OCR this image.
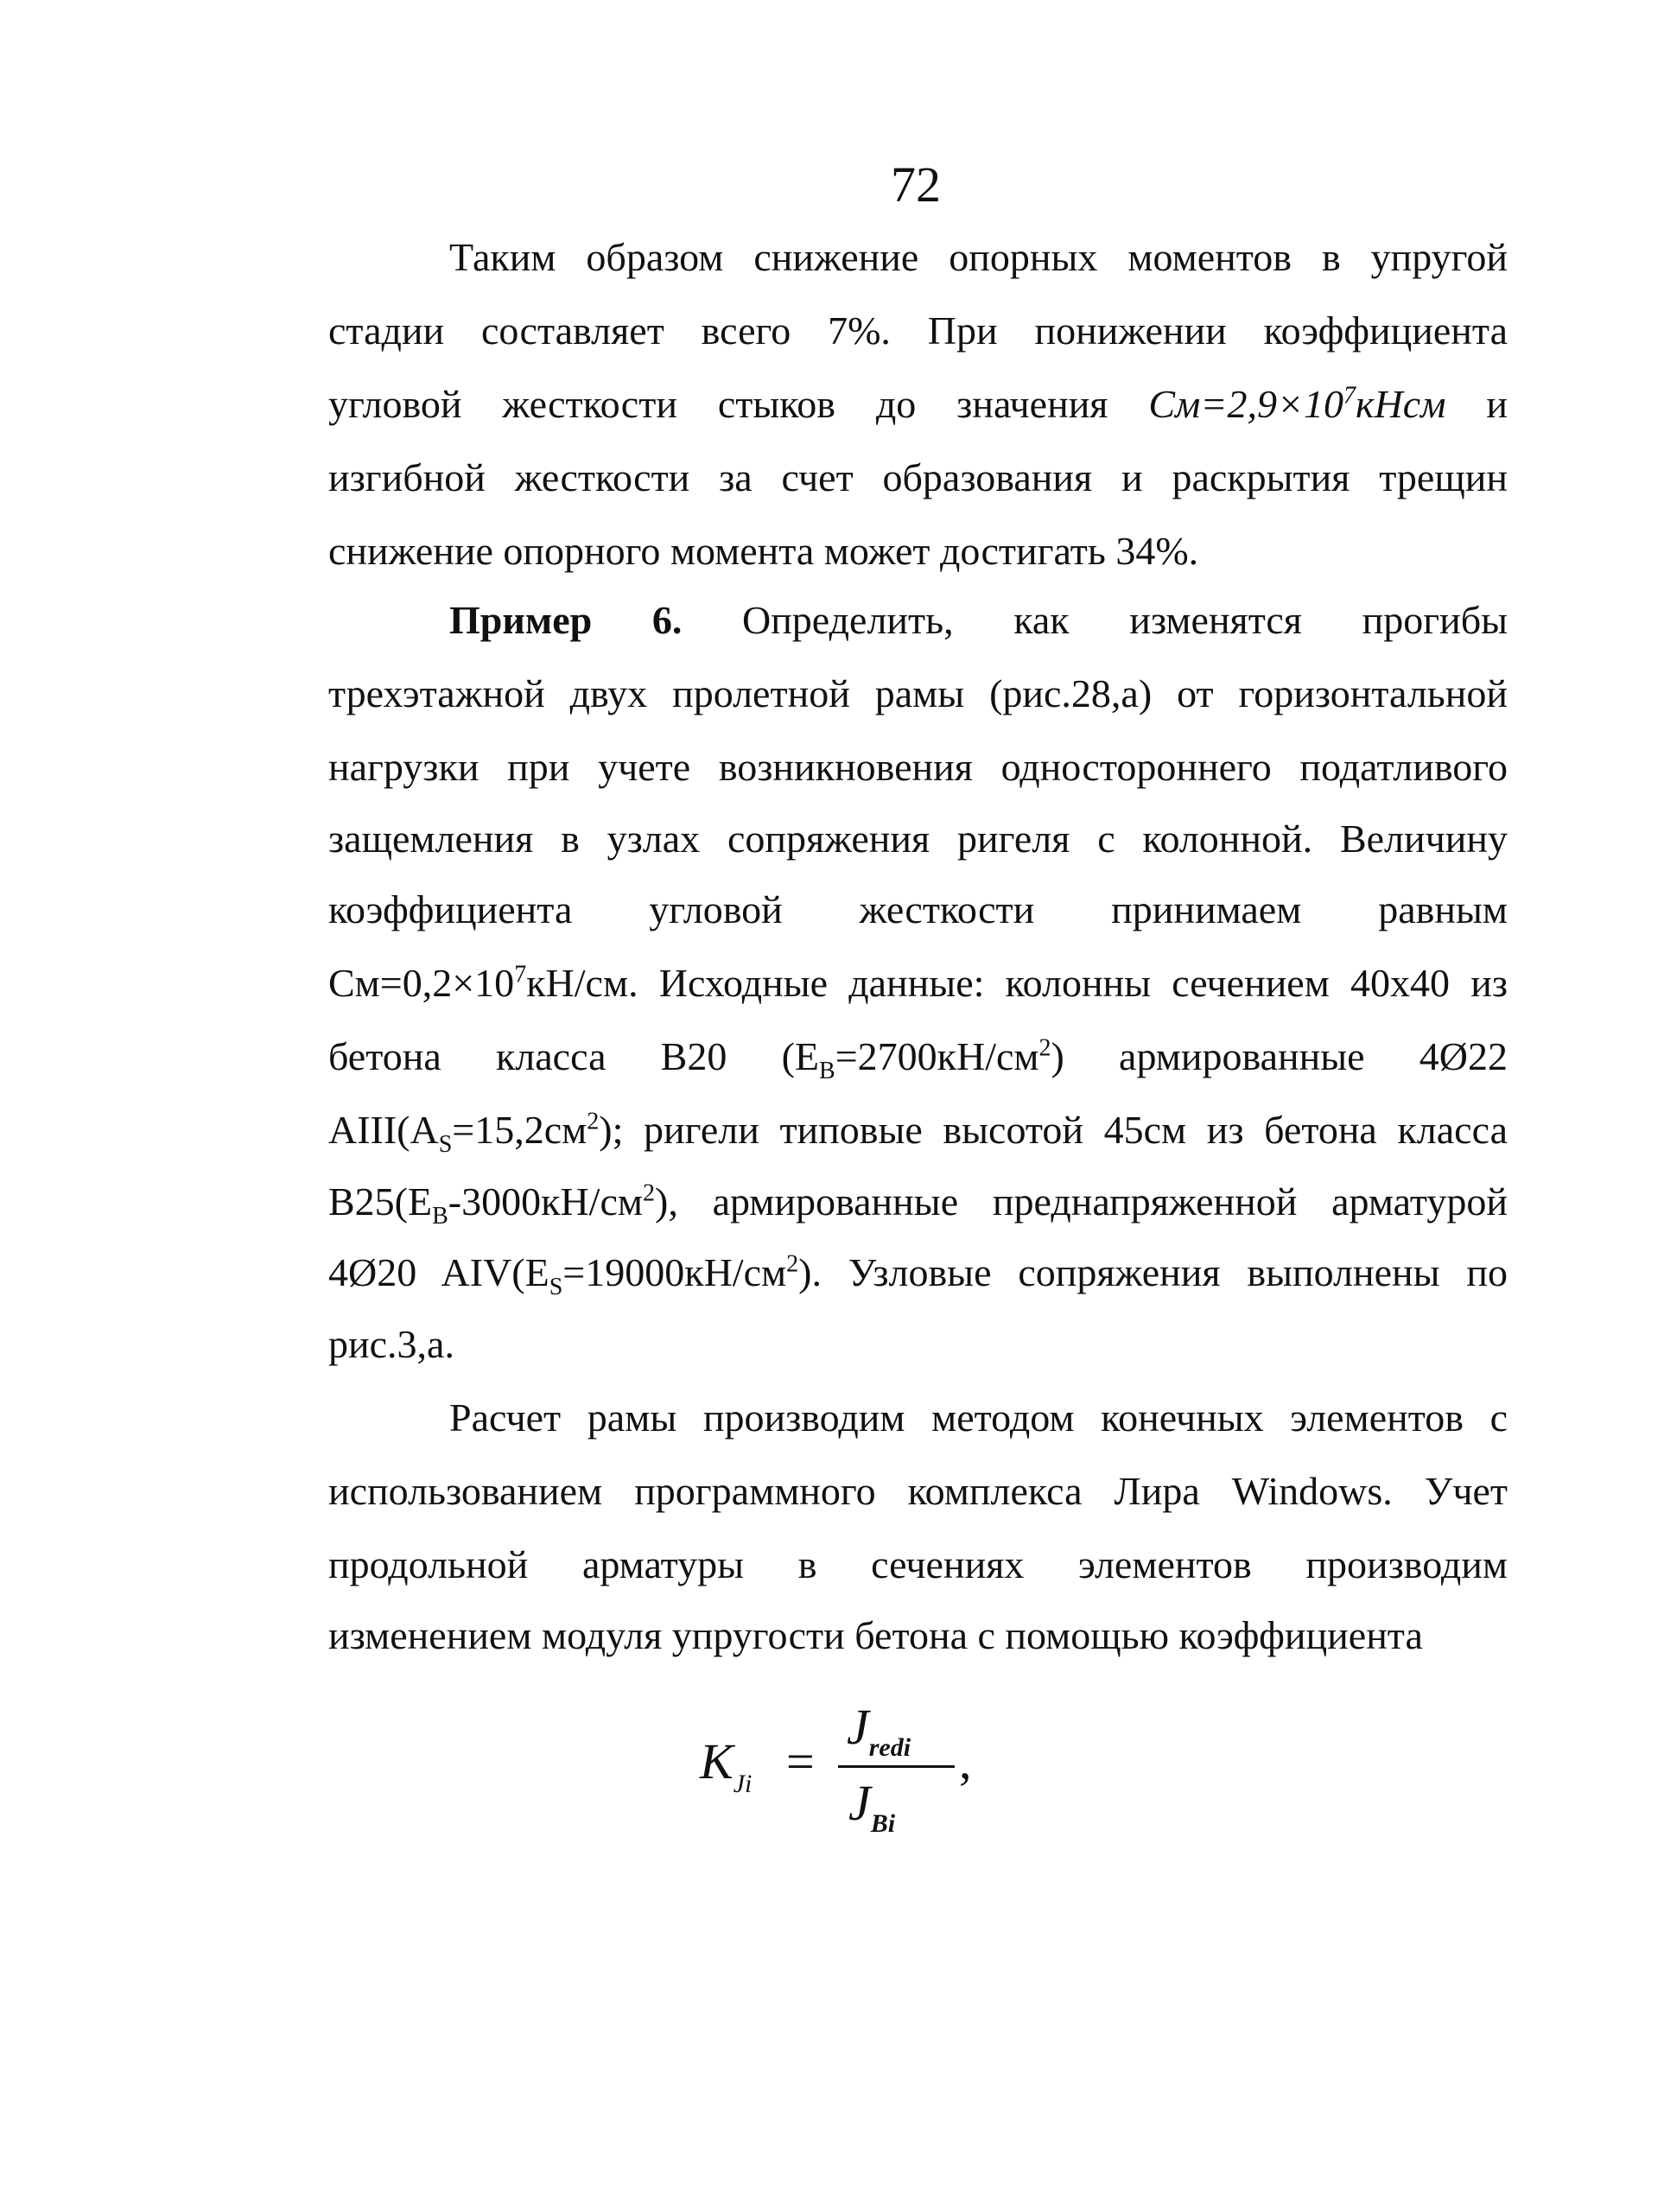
72
Таким образом снижение опорных моментов в упругой
стадии составляет всего 7%. При понижении коэффициента
угловой жесткости стыков до значения $Cм=2,9\times 10^7кНсм$ и
изгибной жесткости за счет образования и раскрытия трещин
снижение опорного момента может достигать 34%.
Пример 6. Определить, как изменятся прогибы
трехэтажной двух пролетной рамы (рис.28,а) от горизонтальной
нагрузки при учете возникновения одностороннего податливого
защемления в узлах сопряжения ригеля с колонной. Величину
коэффициента угловой жесткости принимаем равным
$Cм=0,2\times 10^7кН/см$. Исходные данные: колонны сечением 40х40 из
бетона класса В20 $(E_B=2700кН/см^2)$ армированные 4Ø22
$AIII(A_S=15,2см^2)$; ригели типовые высотой 45см из бетона класса
$В25(E_B-3000кН/см^2)$, армированные преднапряженной арматурой
4Ø20 $AIV(E_S=19000кН/см^2)$. Узловые сопряжения выполнены по
рис.3,а.
Расчет рамы производим методом конечных элементов с
использованием программного комплекса Лира Windows. Учет
продольной арматуры в сечениях элементов производим
изменением модуля упругости бетона с помощью коэффициента
$K_{Ji}$ =
$J_{redi}$
$J_{Bi}$
,
